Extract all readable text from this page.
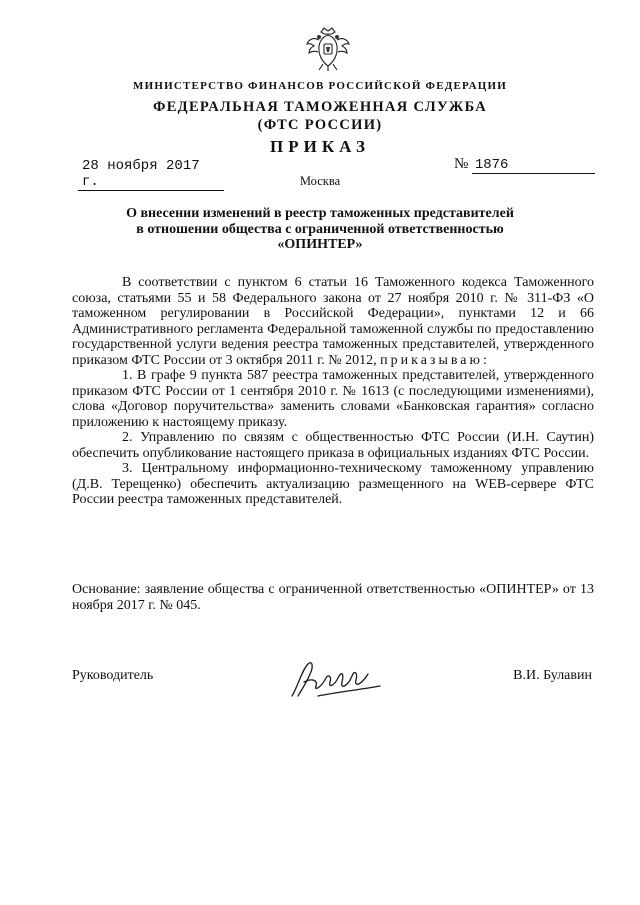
МИНИСТЕРСТВО ФИНАНСОВ РОССИЙСКОЙ ФЕДЕРАЦИИ
ФЕДЕРАЛЬНАЯ ТАМОЖЕННАЯ СЛУЖБА
(ФТС РОССИИ)
ПРИКАЗ
28 ноября 2017 г.
№ 1876
Москва
О внесении изменений в реестр таможенных представителей
в отношении общества с ограниченной ответственностью
«ОПИНТЕР»

В соответствии с пунктом 6 статьи 16 Таможенного кодекса Таможенного союза, статьями 55 и 58 Федерального закона от 27 ноября 2010 г. № 311-ФЗ «О таможенном регулировании в Российской Федерации», пунктами 12 и 66 Административного регламента Федеральной таможенной службы по предоставлению государственной услуги ведения реестра таможенных представителей, утвержденного приказом ФТС России от 3 октября 2011 г. № 2012, приказываю:

1. В графе 9 пункта 587 реестра таможенных представителей, утвержденного приказом ФТС России от 1 сентября 2010 г. № 1613 (с последующими изменениями), слова «Договор поручительства» заменить словами «Банковская гарантия» согласно приложению к настоящему приказу.

2. Управлению по связям с общественностью ФТС России (И.Н. Саутин) обеспечить опубликование настоящего приказа в официальных изданиях ФТС России.

3. Центральному информационно-техническому таможенному управлению (Д.В. Терещенко) обеспечить актуализацию размещенного на WEB-сервере ФТС России реестра таможенных представителей.

Основание: заявление общества с ограниченной ответственностью «ОПИНТЕР» от 13 ноября 2017 г. № 045.
Руководитель	В.И. Булавин
